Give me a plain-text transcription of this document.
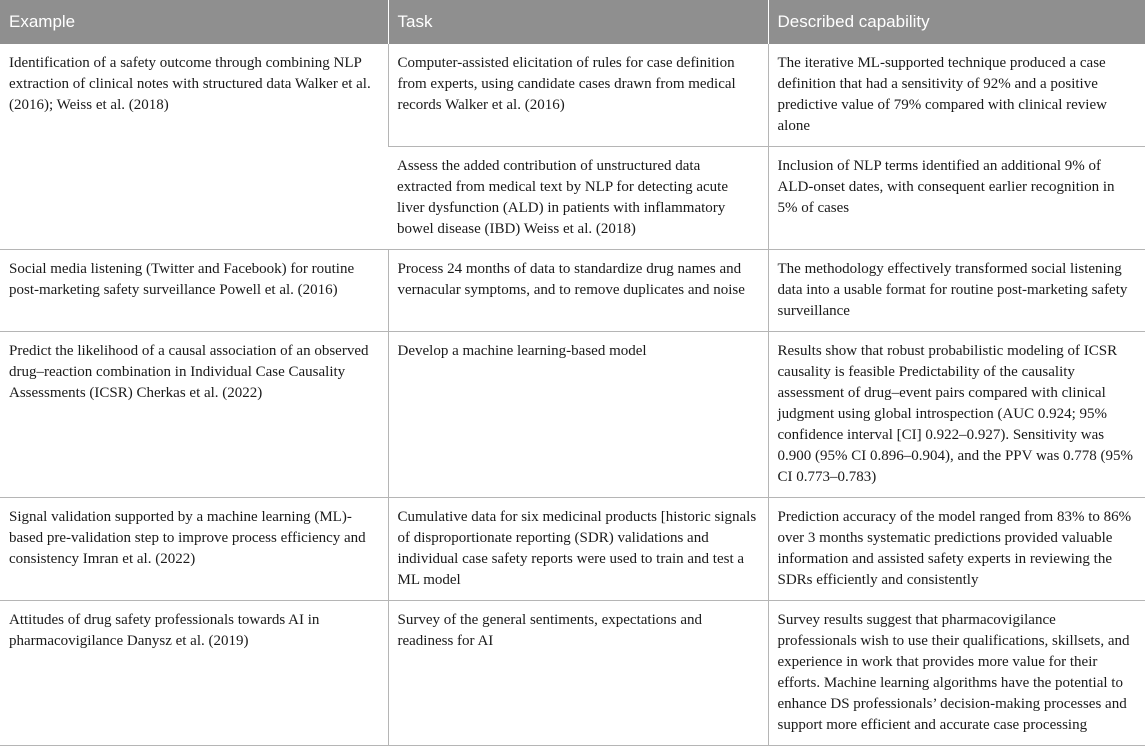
Example	Task	Described capability
Identification of a safety outcome through combining NLP extraction of clinical notes with structured data Walker et al. (2016); Weiss et al. (2018)	Computer-assisted elicitation of rules for case definition from experts, using candidate cases drawn from medical records Walker et al. (2016)	The iterative ML-supported technique produced a case definition that had a sensitivity of 92% and a positive predictive value of 79% compared with clinical review alone
	Assess the added contribution of unstructured data extracted from medical text by NLP for detecting acute liver dysfunction (ALD) in patients with inflammatory bowel disease (IBD) Weiss et al. (2018)	Inclusion of NLP terms identified an additional 9% of ALD-onset dates, with consequent earlier recognition in 5% of cases
Social media listening (Twitter and Facebook) for routine post-marketing safety surveillance Powell et al. (2016)	Process 24 months of data to standardize drug names and vernacular symptoms, and to remove duplicates and noise	The methodology effectively transformed social listening data into a usable format for routine post-marketing safety surveillance
Predict the likelihood of a causal association of an observed drug–reaction combination in Individual Case Causality Assessments (ICSR) Cherkas et al. (2022)	Develop a machine learning-based model	Results show that robust probabilistic modeling of ICSR causality is feasible Predictability of the causality assessment of drug–event pairs compared with clinical judgment using global introspection (AUC 0.924; 95% confidence interval [CI] 0.922–0.927). Sensitivity was 0.900 (95% CI 0.896–0.904), and the PPV was 0.778 (95% CI 0.773–0.783)
Signal validation supported by a machine learning (ML)-based pre-validation step to improve process efficiency and consistency Imran et al. (2022)	Cumulative data for six medicinal products [historic signals of disproportionate reporting (SDR) validations and individual case safety reports were used to train and test a ML model	Prediction accuracy of the model ranged from 83% to 86% over 3 months systematic predictions provided valuable information and assisted safety experts in reviewing the SDRs efficiently and consistently
Attitudes of drug safety professionals towards AI in pharmacovigilance Danysz et al. (2019)	Survey of the general sentiments, expectations and readiness for AI	Survey results suggest that pharmacovigilance professionals wish to use their qualifications, skillsets, and experience in work that provides more value for their efforts. Machine learning algorithms have the potential to enhance DS professionals’ decision-making processes and support more efficient and accurate case processing
